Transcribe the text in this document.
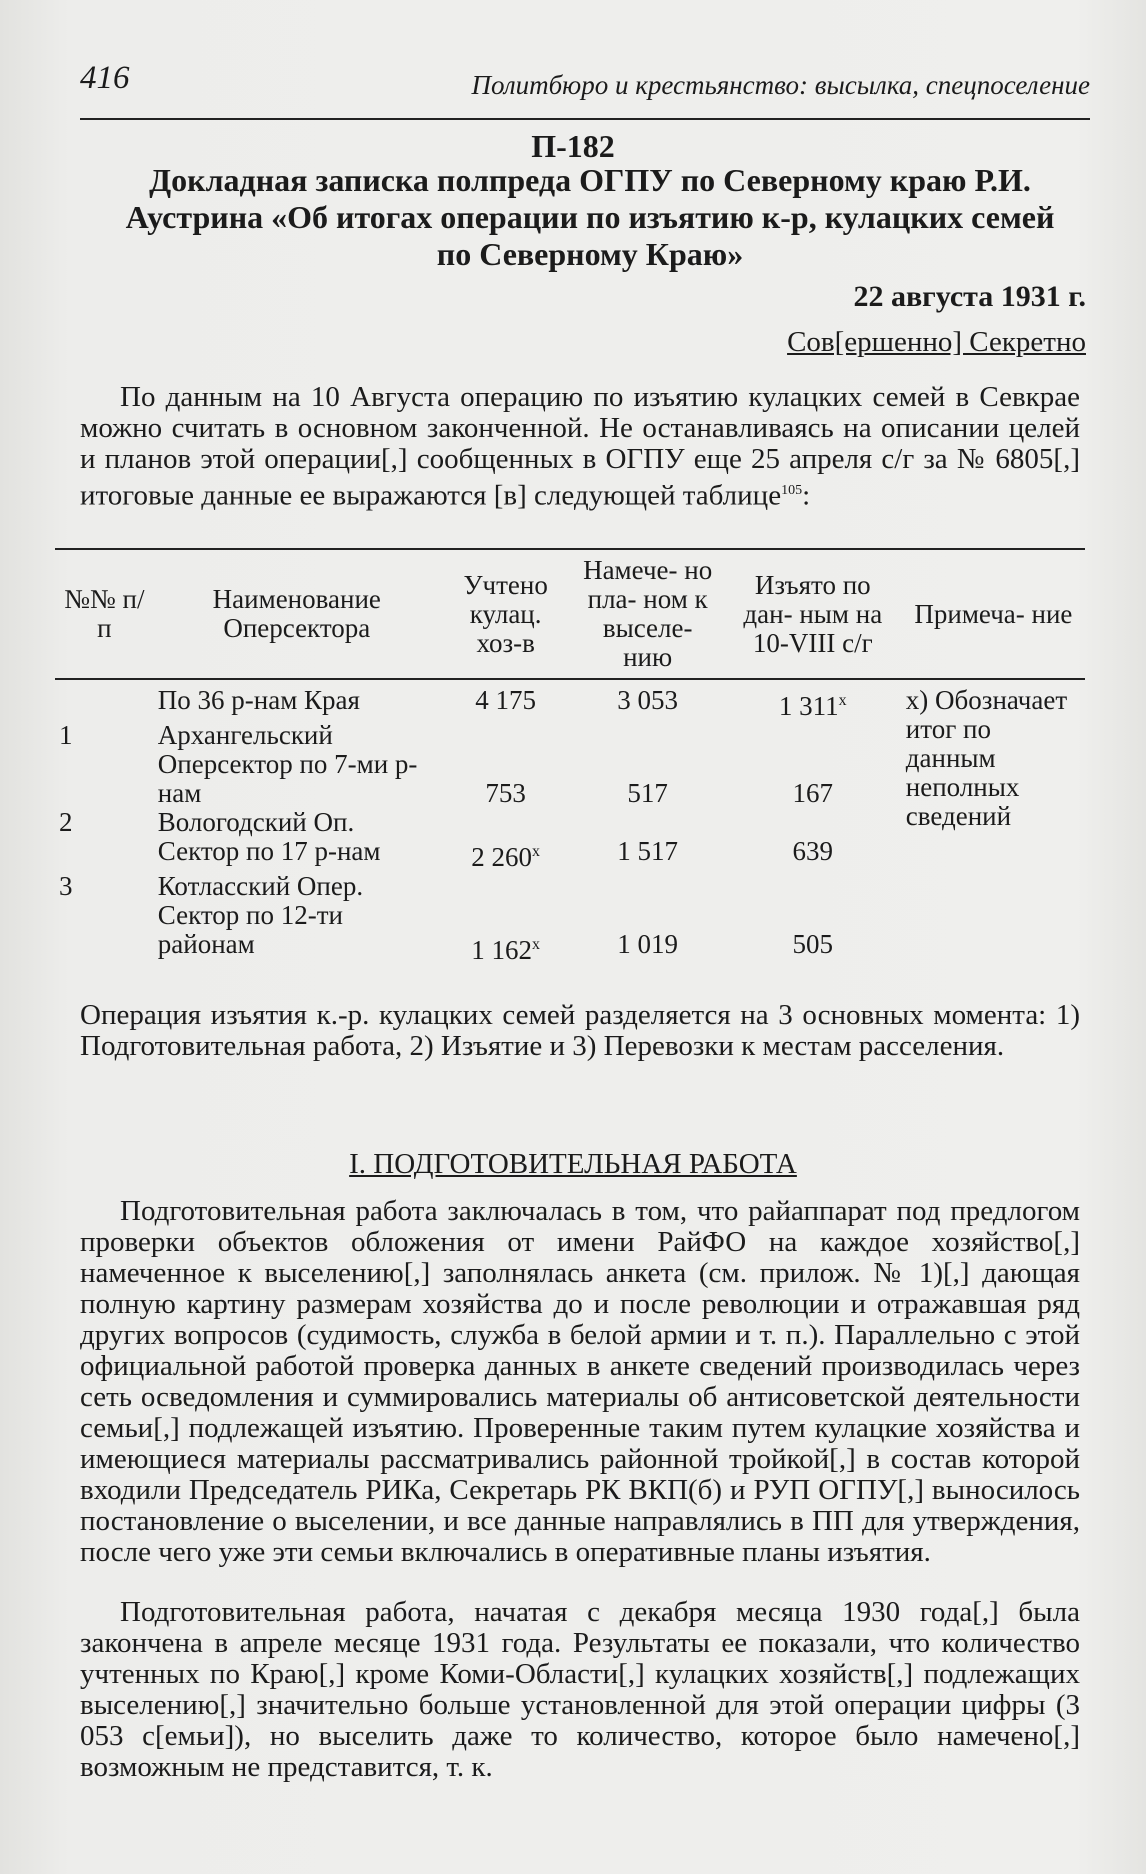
416	Политбюро и крестьянство: высылка, спецпоселение
П-182
Докладная записка полпреда ОГПУ по Северному краю Р.И. Аустрина «Об итогах операции по изъятию к-р, кулацких семей по Северному Краю»
22 августа 1931 г.
Сов[ершенно] Секретно

По данным на 10 Августа операцию по изъятию кулацких семей в Севкрае можно считать в основном законченной. Не останавливаясь на описании целей и планов этой операции[,] сообщенных в ОГПУ еще 25 апреля с/г за № 6805[,] итоговые данные ее выражаются [в] следующей таблице$^{105}$:

№№ п/п	Наименование Оперсектора	Учтено кулац. хоз-в	Намече- но пла- ном к выселе- нию	Изъято по дан- ным на 10-VIII с/г	Примеча- ние
	По 36 р-нам Края	4 175	3 053	1 $311^х$	х) Обозначает итог по данным неполных сведений
1	Архангельский Оперсектор по 7-ми р-нам	753	517	167	
2	Вологодский Оп. Сектор по 17 р-нам	2 $260^х$	1 517	639	
3	Котласский Опер. Сектор по 12-ти районам	1 $162^х$	1 019	505	

Операция изъятия к.-р. кулацких семей разделяется на 3 основных момента: 1) Подготовительная работа, 2) Изъятие и 3) Перевозки к местам расселения.

I. ПОДГОТОВИТЕЛЬНАЯ РАБОТА

Подготовительная работа заключалась в том, что райаппарат под предлогом проверки объектов обложения от имени РайФО на каждое хозяйство[,] намеченное к выселению[,] заполнялась анкета (см. прилож. № 1)[,] дающая полную картину размерам хозяйства до и после революции и отражавшая ряд других вопросов (судимость, служба в белой армии и т. п.). Параллельно с этой официальной работой проверка данных в анкете сведений производилась через сеть осведомления и суммировались материалы об антисоветской деятельности семьи[,] подлежащей изъятию. Проверенные таким путем кулацкие хозяйства и имеющиеся материалы рассматривались районной тройкой[,] в состав которой входили Председатель РИКа, Секретарь РК ВКП(б) и РУП ОГПУ[,] выносилось постановление о выселении, и все данные направлялись в ПП для утверждения, после чего уже эти семьи включались в оперативные планы изъятия.

Подготовительная работа, начатая с декабря месяца 1930 года[,] была закончена в апреле месяце 1931 года. Результаты ее показали, что количество учтенных по Краю[,] кроме Коми-Области[,] кулацких хозяйств[,] подлежащих выселению[,] значительно больше установленной для этой операции цифры (3 053 с[емьи]), но выселить даже то количество, которое было намечено[,] возможным не представится, т. к.
